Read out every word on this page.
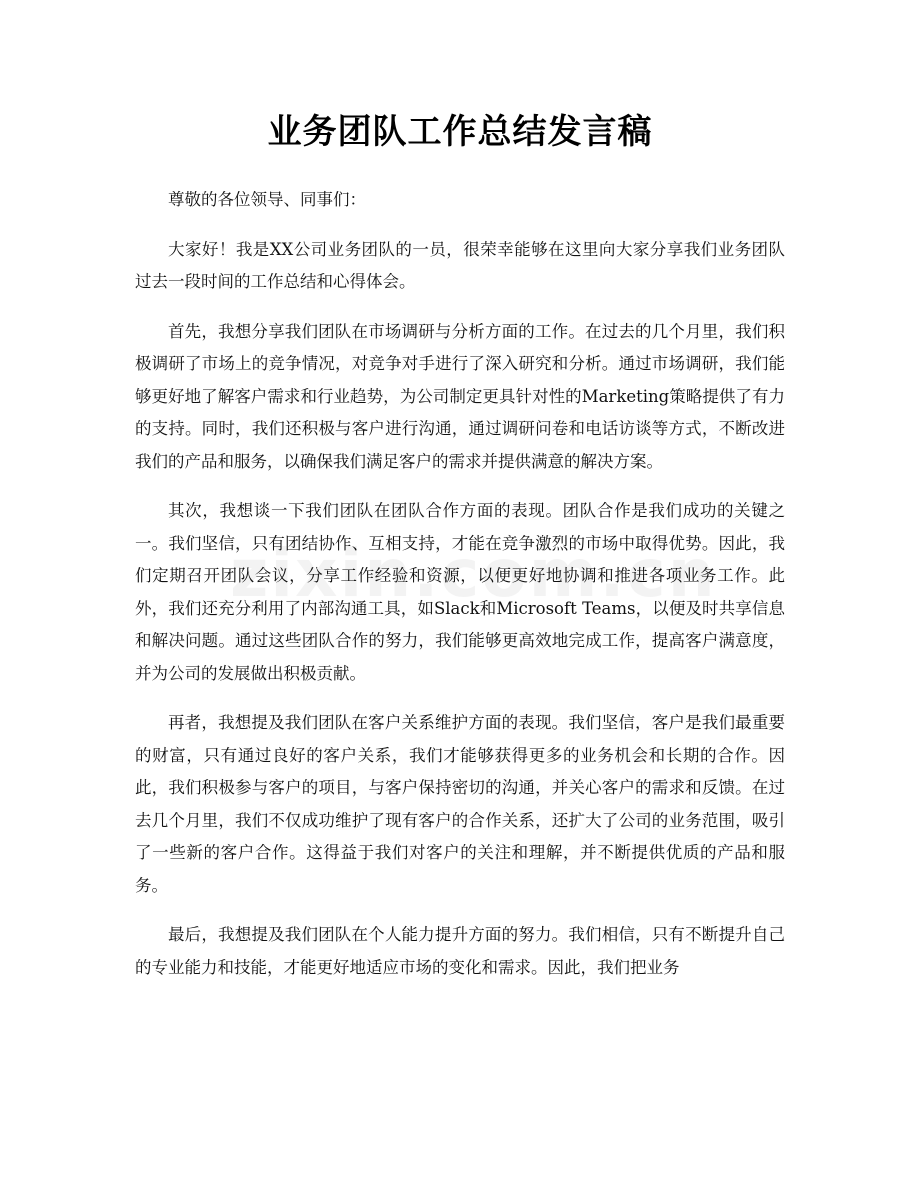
业务团队工作总结发言稿

尊敬的各位领导、同事们：

大家好！我是XX公司业务团队的一员，很荣幸能够在这里向大家分享我们业务团队过去一段时间的工作总结和心得体会。

首先，我想分享我们团队在市场调研与分析方面的工作。在过去的几个月里，我们积极调研了市场上的竞争情况，对竞争对手进行了深入研究和分析。通过市场调研，我们能够更好地了解客户需求和行业趋势，为公司制定更具针对性的Marketing策略提供了有力的支持。同时，我们还积极与客户进行沟通，通过调研问卷和电话访谈等方式，不断改进我们的产品和服务，以确保我们满足客户的需求并提供满意的解决方案。

其次，我想谈一下我们团队在团队合作方面的表现。团队合作是我们成功的关键之一。我们坚信，只有团结协作、互相支持，才能在竞争激烈的市场中取得优势。因此，我们定期召开团队会议，分享工作经验和资源，以便更好地协调和推进各项业务工作。此外，我们还充分利用了内部沟通工具，如Slack和Microsoft Teams，以便及时共享信息和解决问题。通过这些团队合作的努力，我们能够更高效地完成工作，提高客户满意度，并为公司的发展做出积极贡献。

再者，我想提及我们团队在客户关系维护方面的表现。我们坚信，客户是我们最重要的财富，只有通过良好的客户关系，我们才能够获得更多的业务机会和长期的合作。因此，我们积极参与客户的项目，与客户保持密切的沟通，并关心客户的需求和反馈。在过去几个月里，我们不仅成功维护了现有客户的合作关系，还扩大了公司的业务范围，吸引了一些新的客户合作。这得益于我们对客户的关注和理解，并不断提供优质的产品和服务。

最后，我想提及我们团队在个人能力提升方面的努力。我们相信，只有不断提升自己的专业能力和技能，才能更好地适应市场的变化和需求。因此，我们把业务
